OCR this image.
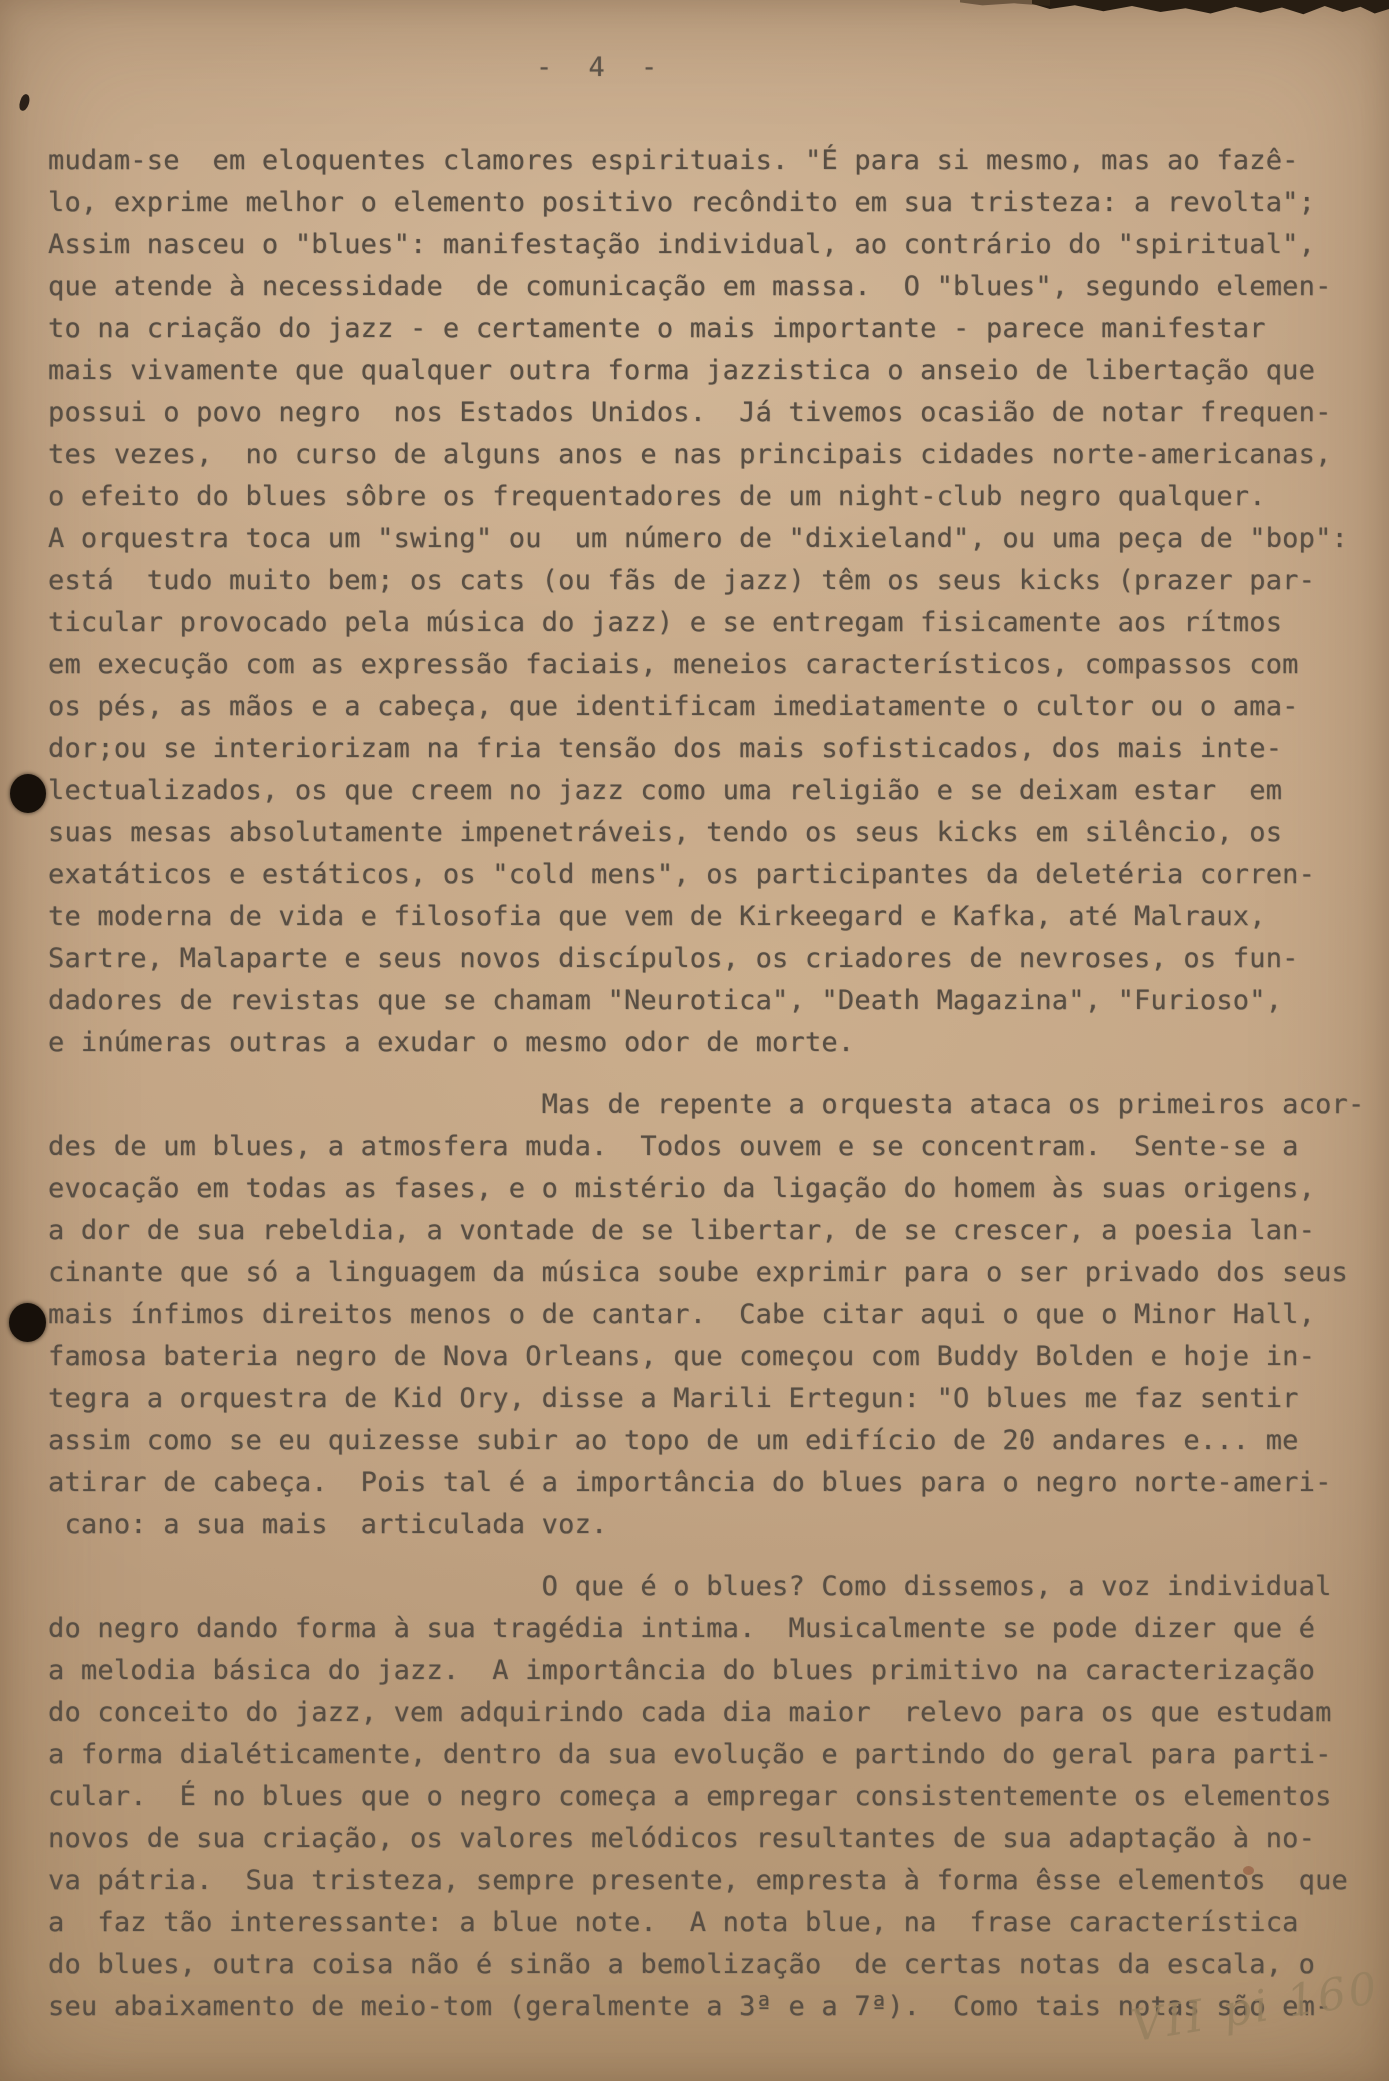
- 4 -
mudam-se  em eloquentes clamores espirituais. "É para si mesmo, mas ao fazê-
lo, exprime melhor o elemento positivo recôndito em sua tristeza: a revolta";
Assim nasceu o "blues": manifestação individual, ao contrário do "spiritual",
que atende à necessidade  de comunicação em massa.  O "blues", segundo elemen-
to na criação do jazz - e certamente o mais importante - parece manifestar
mais vivamente que qualquer outra forma jazzistica o anseio de libertação que
possui o povo negro  nos Estados Unidos.  Já tivemos ocasião de notar frequen-
tes vezes,  no curso de alguns anos e nas principais cidades norte-americanas,
o efeito do blues sôbre os frequentadores de um night-club negro qualquer.
A orquestra toca um "swing" ou  um número de "dixieland", ou uma peça de "bop":
está  tudo muito bem; os cats (ou fãs de jazz) têm os seus kicks (prazer par-
ticular provocado pela música do jazz) e se entregam fisicamente aos rítmos
em execução com as expressão faciais, meneios característicos, compassos com
os pés, as mãos e a cabeça, que identificam imediatamente o cultor ou o ama-
dor;ou se interiorizam na fria tensão dos mais sofisticados, dos mais inte-
lectualizados, os que creem no jazz como uma religião e se deixam estar  em
suas mesas absolutamente impenetráveis, tendo os seus kicks em silêncio, os
exatáticos e estáticos, os "cold mens", os participantes da deletéria corren-
te moderna de vida e filosofia que vem de Kirkeegard e Kafka, até Malraux,
Sartre, Malaparte e seus novos discípulos, os criadores de nevroses, os fun-
dadores de revistas que se chamam "Neurotica", "Death Magazina", "Furioso",
e inúmeras outras a exudar o mesmo odor de morte.
Mas de repente a orquesta ataca os primeiros acor-
des de um blues, a atmosfera muda.  Todos ouvem e se concentram.  Sente-se a
evocação em todas as fases, e o mistério da ligação do homem às suas origens,
a dor de sua rebeldia, a vontade de se libertar, de se crescer, a poesia lan-
cinante que só a linguagem da música soube exprimir para o ser privado dos seus
mais ínfimos direitos menos o de cantar.  Cabe citar aqui o que o Minor Hall,
famosa bateria negro de Nova Orleans, que começou com Buddy Bolden e hoje in-
tegra a orquestra de Kid Ory, disse a Marili Ertegun: "O blues me faz sentir
assim como se eu quizesse subir ao topo de um edifício de 20 andares e... me
atirar de cabeça.  Pois tal é a importância do blues para o negro norte-ameri-
cano: a sua mais  articulada voz.
O que é o blues? Como dissemos, a voz individual
do negro dando forma à sua tragédia intima.  Musicalmente se pode dizer que é
a melodia básica do jazz.  A importância do blues primitivo na caracterização
do conceito do jazz, vem adquirindo cada dia maior  relevo para os que estudam
a forma dialéticamente, dentro da sua evolução e partindo do geral para parti-
cular.  É no blues que o negro começa a empregar consistentemente os elementos
novos de sua criação, os valores melódicos resultantes de sua adaptação à no-
va pátria.  Sua tristeza, sempre presente, empresta à forma êsse elementos  que
a  faz tão interessante: a blue note.  A nota blue, na  frase característica
do blues, outra coisa não é sinão a bemolização  de certas notas da escala, o
seu abaixamento de meio-tom (geralmente a 3ª e a 7ª).  Como tais notas são em-
VII pi 160
